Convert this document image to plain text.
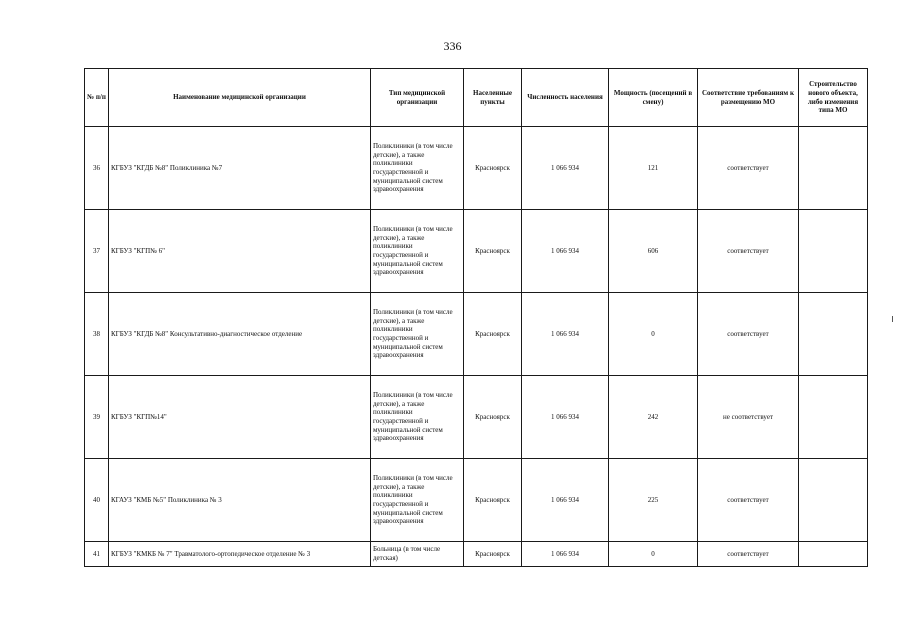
336
№ п/п	Наименование медицинской организации	Тип медицинской организации	Населенные пункты	Численность населения	Мощность (посещений в смену)	Соответствие требованиям к размещению МО	Строительство нового объекта, либо изменения типа МО
36	КГБУЗ "КГДБ №8" Поликлиника №7	Поликлиники (в том числе детские), а также поликлиники государственной и муниципальной систем здравоохранения	Красноярск	1 066 934	121	соответствует	
37	КГБУЗ "КГП№ 6"	Поликлиники (в том числе детские), а также поликлиники государственной и муниципальной систем здравоохранения	Красноярск	1 066 934	606	соответствует	
38	КГБУЗ "КГДБ №8" Консультативно-диагностическое отделение	Поликлиники (в том числе детские), а также поликлиники государственной и муниципальной систем здравоохранения	Красноярск	1 066 934	0	соответствует	
39	КГБУЗ "КГП№14"	Поликлиники (в том числе детские), а также поликлиники государственной и муниципальной систем здравоохранения	Красноярск	1 066 934	242	не соответствует	
40	КГАУЗ "КМБ №5" Поликлиника № 3	Поликлиники (в том числе детские), а также поликлиники государственной и муниципальной систем здравоохранения	Красноярск	1 066 934	225	соответствует	
41	КГБУЗ "КМКБ № 7" Травматолого-ортопедическое отделение № 3	Больница (в том числе детская)	Красноярск	1 066 934	0	соответствует	
